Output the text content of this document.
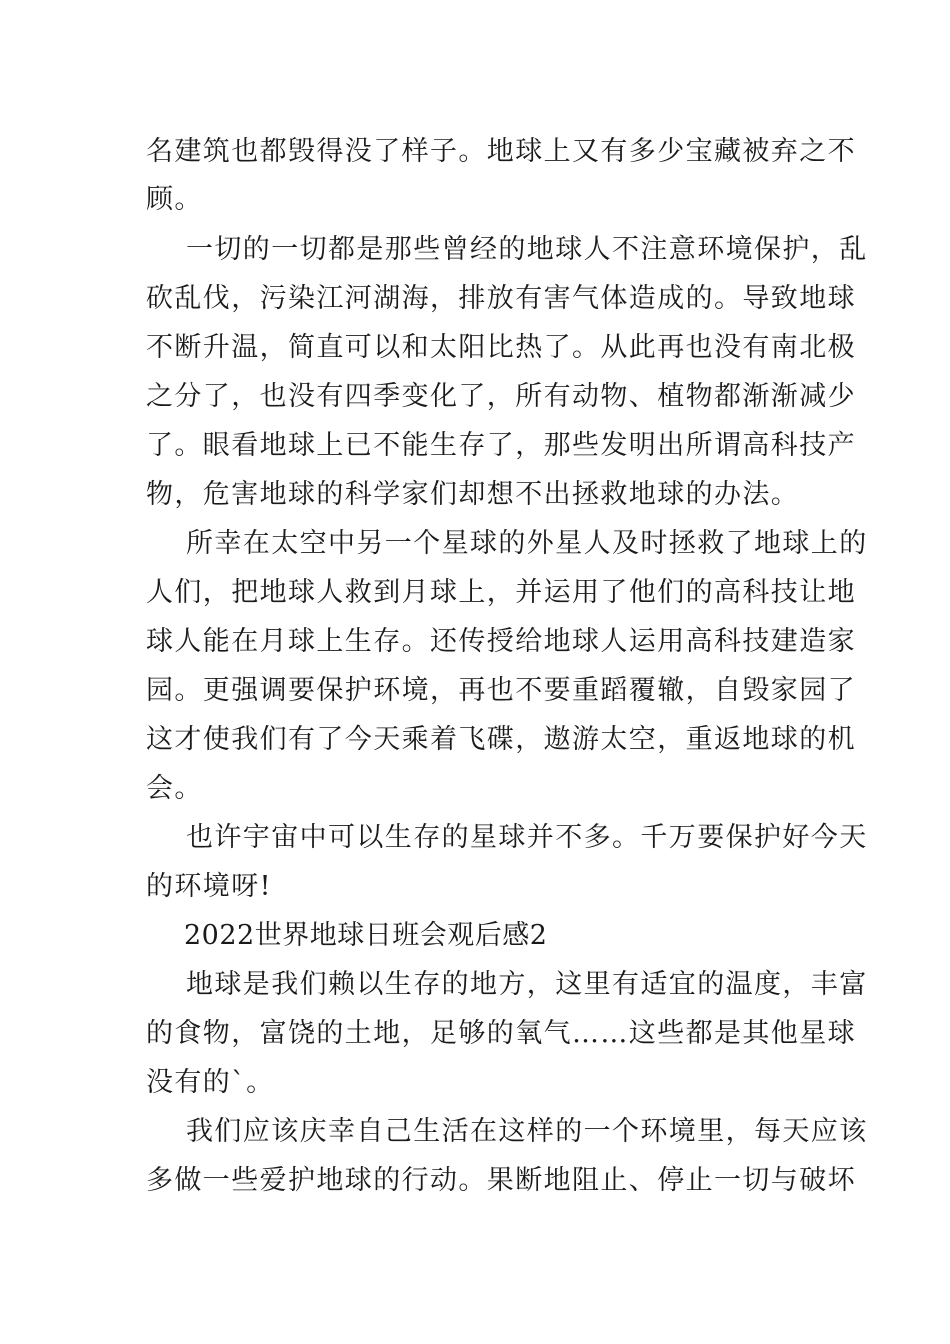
名建筑也都毁得没了样子。地球上又有多少宝藏被弃之不
顾。
一切的一切都是那些曾经的地球人不注意环境保护，乱
砍乱伐，污染江河湖海，排放有害气体造成的。导致地球
不断升温，简直可以和太阳比热了。从此再也没有南北极
之分了，也没有四季变化了，所有动物、植物都渐渐减少
了。眼看地球上已不能生存了，那些发明出所谓高科技产
物，危害地球的科学家们却想不出拯救地球的办法。
所幸在太空中另一个星球的外星人及时拯救了地球上的
人们，把地球人救到月球上，并运用了他们的高科技让地
球人能在月球上生存。还传授给地球人运用高科技建造家
园。更强调要保护环境，再也不要重蹈覆辙，自毁家园了
这才使我们有了今天乘着飞碟，遨游太空，重返地球的机
会。
也许宇宙中可以生存的星球并不多。千万要保护好今天
的环境呀!
2022世界地球日班会观后感2
地球是我们赖以生存的地方，这里有适宜的温度，丰富
的食物，富饶的土地，足够的氧气……这些都是其他星球
没有的`。
我们应该庆幸自己生活在这样的一个环境里，每天应该
多做一些爱护地球的行动。果断地阻止、停止一切与破坏
